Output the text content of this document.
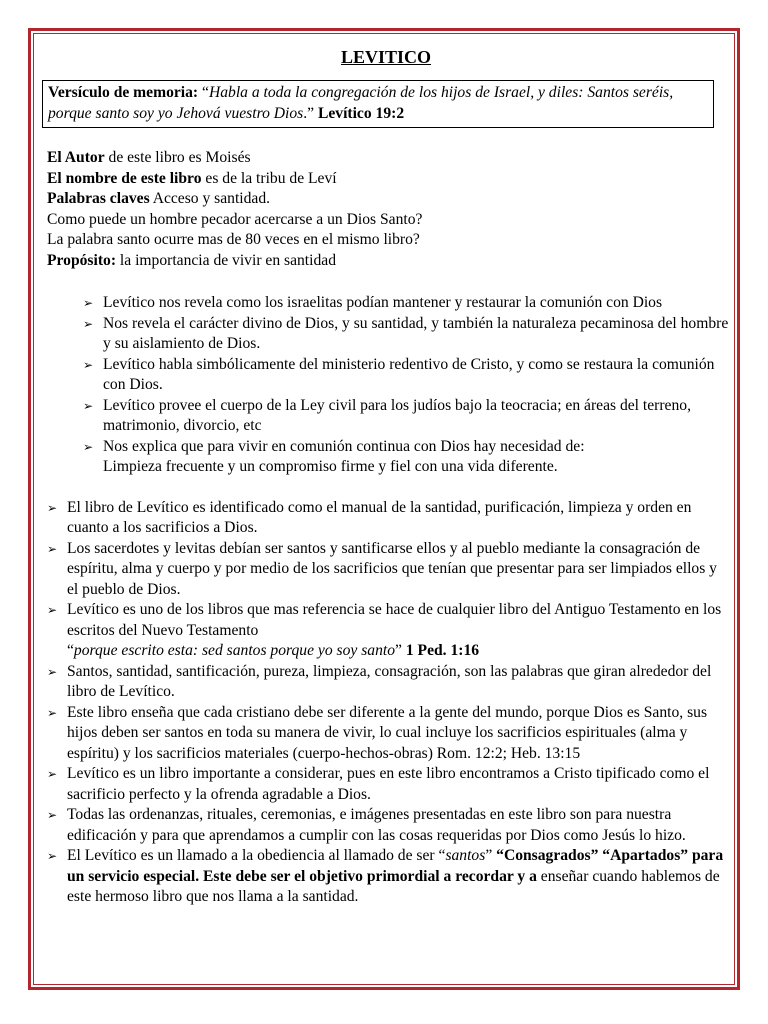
LEVITICO
Versículo de memoria: “Habla a toda la congregación de los hijos de Israel, y diles: Santos seréis, porque santo soy yo Jehová vuestro Dios.” Levítico 19:2
El Autor de este libro es Moisés
El nombre de este libro es de la tribu de Leví
Palabras claves Acceso y santidad.
Como puede un hombre pecador acercarse a un Dios Santo?
La palabra santo ocurre mas de 80 veces en el mismo libro?
Propósito: la importancia de vivir en santidad
➢ Levítico nos revela como los israelitas podían mantener y restaurar la comunión con Dios
➢ Nos revela el carácter divino de Dios, y su santidad, y también la naturaleza pecaminosa del hombre y su aislamiento de Dios.
➢ Levítico habla simbólicamente del ministerio redentivo de Cristo, y como se restaura la comunión con Dios.
➢ Levítico provee el cuerpo de la Ley civil para los judíos bajo la teocracia; en áreas del terreno, matrimonio, divorcio, etc
➢ Nos explica que para vivir en comunión continua con Dios hay necesidad de:
Limpieza frecuente y un compromiso firme y fiel con una vida diferente.
➢ El libro de Levítico es identificado como el manual de la santidad, purificación, limpieza y orden en cuanto a los sacrificios a Dios.
➢ Los sacerdotes y levitas debían ser santos y santificarse ellos y al pueblo mediante la consagración de espíritu, alma y cuerpo y por medio de los sacrificios que tenían que presentar para ser limpiados ellos y el pueblo de Dios.
➢ Levítico es uno de los libros que mas referencia se hace de cualquier libro del Antiguo Testamento en los escritos del Nuevo Testamento
“porque escrito esta: sed santos porque yo soy santo” 1 Ped. 1:16
➢ Santos, santidad, santificación, pureza, limpieza, consagración, son las palabras que giran alrededor del libro de Levítico.
➢ Este libro enseña que cada cristiano debe ser diferente a la gente del mundo, porque Dios es Santo, sus hijos deben ser santos en toda su manera de vivir, lo cual incluye los sacrificios espirituales (alma y espíritu) y los sacrificios materiales (cuerpo-hechos-obras) Rom. 12:2; Heb. 13:15
➢ Levítico es un libro importante a considerar, pues en este libro encontramos a Cristo tipificado como el sacrificio perfecto y la ofrenda agradable a Dios.
➢ Todas las ordenanzas, rituales, ceremonias, e imágenes presentadas en este libro son para nuestra edificación y para que aprendamos a cumplir con las cosas requeridas por Dios como Jesús lo hizo.
➢ El Levítico es un llamado a la obediencia al llamado de ser “santos” “Consagrados” “Apartados” para un servicio especial. Este debe ser el objetivo primordial a recordar y a enseñar cuando hablemos de este hermoso libro que nos llama a la santidad.
